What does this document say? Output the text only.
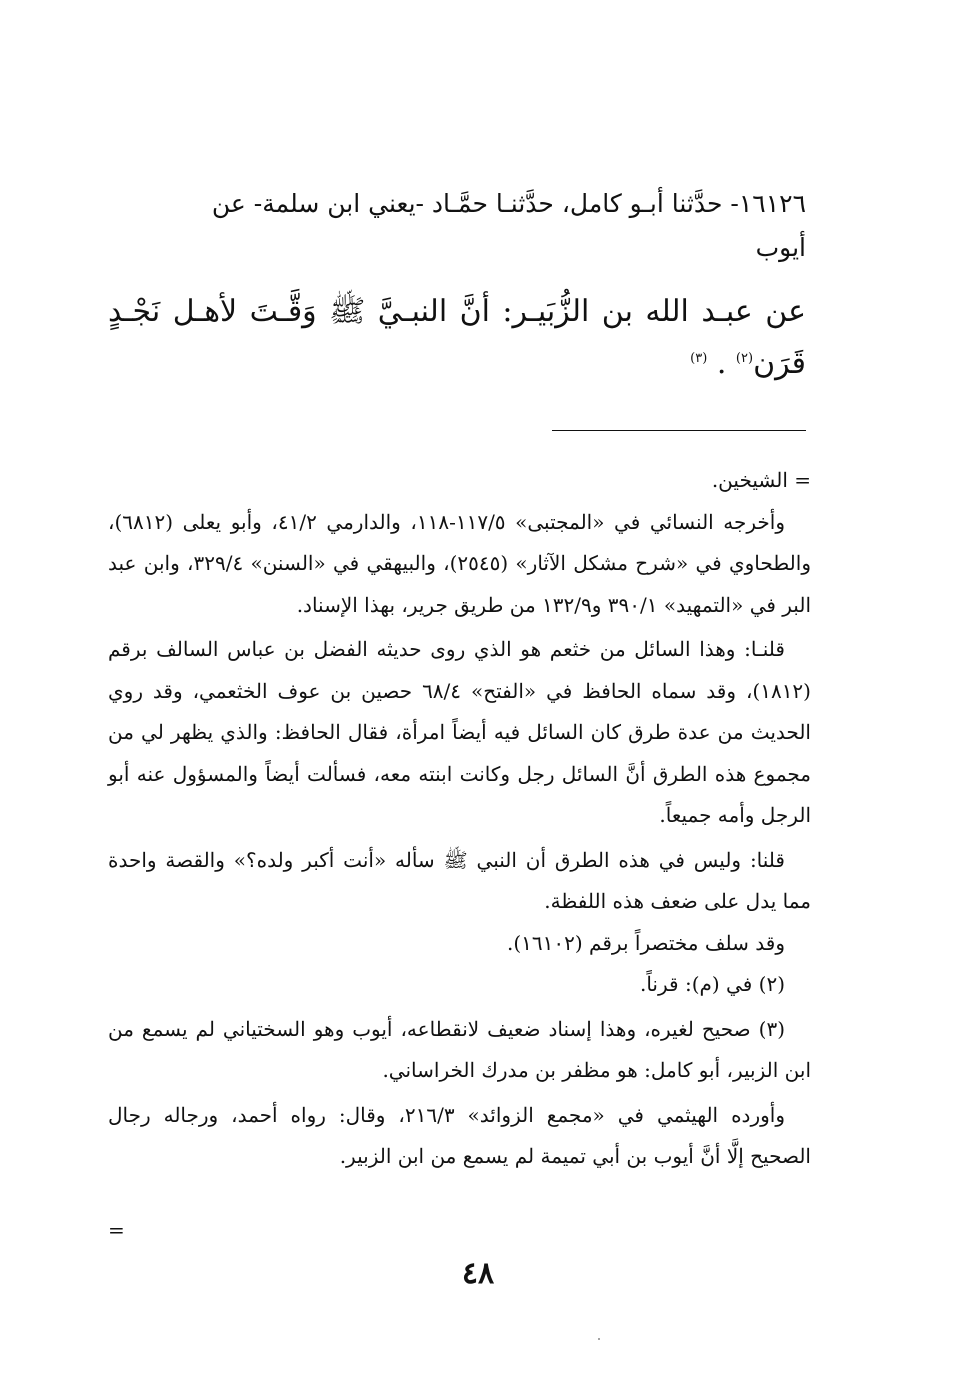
١٦١٢٦- حدَّثنا أبـو كامل، حدَّثنـا حمَّـاد -يعني ابن سلمة- عن
أيوب
عن عبـد الله بن الزُّبَيـر: أنَّ النبـيَّ ﷺ وَقَّـتَ لأهـل نَجْـدٍ قَرَن$^{(٢)}$ . $^{(٣)}$

= الشيخين.

وأخرجه النسائي في «المجتبى» ١١٧/٥-١١٨، والدارمي ٤١/٢، وأبو يعلى (٦٨١٢)، والطحاوي في «شرح مشكل الآثار» (٢٥٤٥)، والبيهقي في «السنن» ٣٢٩/٤، وابن عبد البر في «التمهيد» ٣٩٠/١ و١٣٢/٩ من طريق جرير، بهذا الإسناد.

قلنـا: وهذا السائل من خثعم هو الذي روى حديثه الفضل بن عباس السالف برقم (١٨١٢)، وقد سماه الحافظ في «الفتح» ٦٨/٤ حصين بن عوف الخثعمي، وقد روي الحديث من عدة طرق كان السائل فيه أيضاً امرأة، فقال الحافظ: والذي يظهر لي من مجموع هذه الطرق أنَّ السائل رجل وكانت ابنته معه، فسألت أيضاً والمسؤول عنه أبو الرجل وأمه جميعاً.

قلنا: وليس في هذه الطرق أن النبي ﷺ سأله «أنت أكبر ولده؟» والقصة واحدة مما يدل على ضعف هذه اللفظة.

وقد سلف مختصراً برقم (١٦١٠٢).

(٢) في (م): قرناً.

(٣) صحيح لغيره، وهذا إسناد ضعيف لانقطاعه، أيوب وهو السختياني لم يسمع من ابن الزبير، أبو كامل: هو مظفر بن مدرك الخراساني.

وأورده الهيثمي في «مجمع الزوائد» ٢١٦/٣، وقال: رواه أحمد، ورجاله رجال الصحيح إلَّا أنَّ أيوب بن أبي تميمة لم يسمع من ابن الزبير.

=
٤٨
